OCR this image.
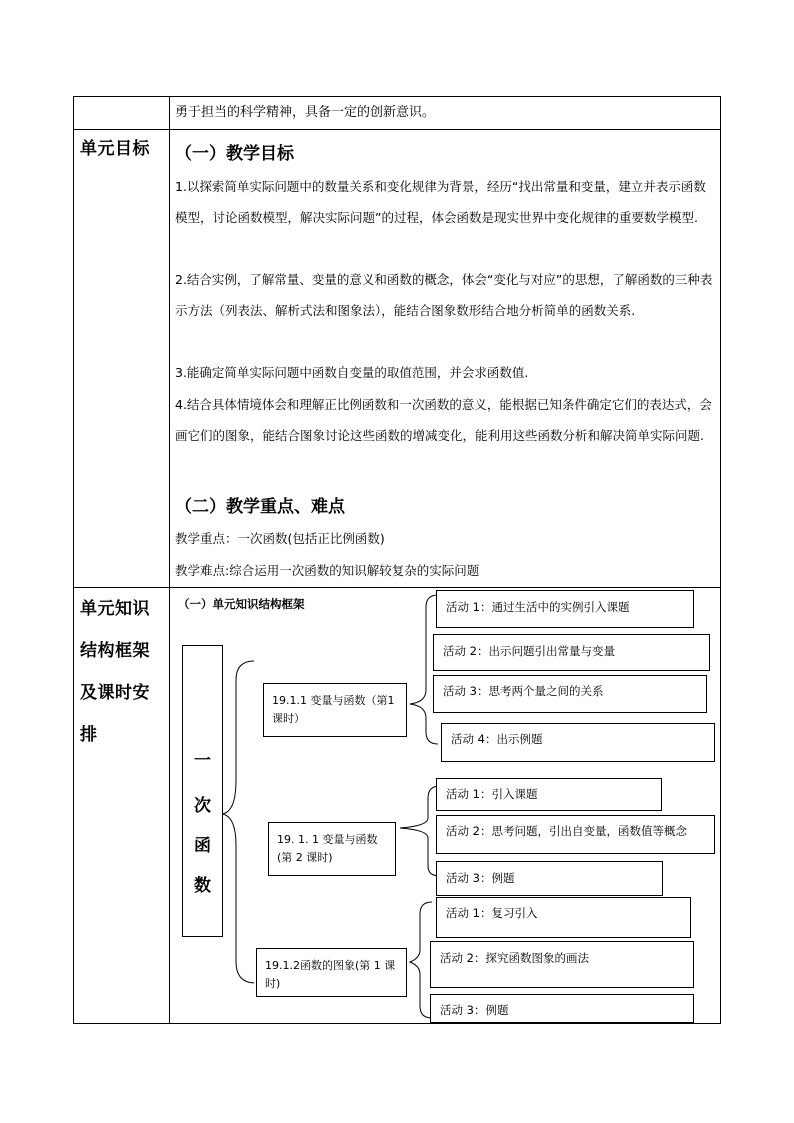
勇于担当的科学精神，具备一定的创新意识。
单元目标 （一）教学目标
1.以探索简单实际问题中的数量关系和变化规律为背景，经历“找出常量和变量，建立并表示函数模型，讨论函数模型，解决实际问题”的过程，体会函数是现实世界中变化规律的重要数学模型.
2.结合实例，了解常量、变量的意义和函数的概念，体会“变化与对应”的思想，了解函数的三种表示方法（列表法、解析式法和图象法），能结合图象数形结合地分析简单的函数关系.
3.能确定简单实际问题中函数自变量的取值范围，并会求函数值.
4.结合具体情境体会和理解正比例函数和一次函数的意义，能根据已知条件确定它们的表达式，会画它们的图象，能结合图象讨论这些函数的增减变化，能利用这些函数分析和解决简单实际问题.
（二）教学重点、难点
教学重点：一次函数(包括正比例函数)
教学难点:综合运用一次函数的知识解较复杂的实际问题
单元知识
结构框架
及课时安
排
（一）单元知识结构框架
一
次
函
数
19.1.1 变量与函数（第1课时）
19. 1. 1 变量与函数(第 2 课时)
19.1.2函数的图象(第 1 课时)
活动 1：通过生活中的实例引入课题
活动 2：出示问题引出常量与变量
活动 3：思考两个量之间的关系
活动 4：出示例题
活动 1：引入课题
活动 2：思考问题，引出自变量，函数值等概念
活动 3：例题
活动 1：复习引入
活动 2：探究函数图象的画法
活动 3：例题
